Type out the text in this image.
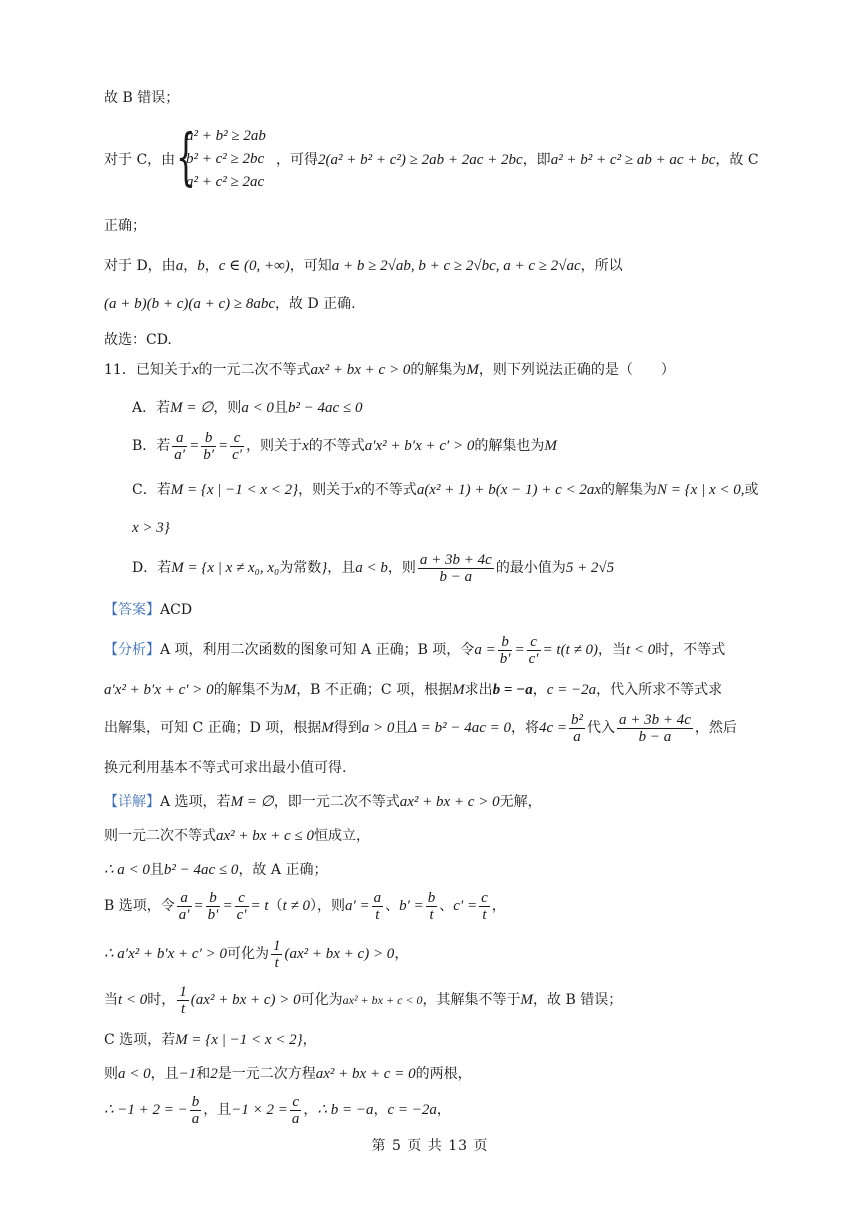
故 B 错误；
对于 C，由 {
a² + b² ≥ 2ab
b² + c² ≥ 2bc
a² + c² ≥ 2ac
，可得2(a² + b² + c²) ≥ 2ab + 2ac + 2bc，即a² + b² + c² ≥ ab + ac + bc，故 C
正确；
对于 D，由a，b，c ∈ (0, +∞)，可知a + b ≥ 2√ab, b + c ≥ 2√bc, a + c ≥ 2√ac，所以
(a + b)(b + c)(a + c) ≥ 8abc，故 D 正确.
故选：CD.
11．已知关于x的一元二次不等式ax² + bx + c > 0的解集为M，则下列说法正确的是（　　）
A．若M = ∅，则a < 0且b² − 4ac ≤ 0
B．若 $\frac{a}{a'} = \frac{b}{b'} = \frac{c}{c'}$ ，则关于x的不等式a′x² + b′x + c′ > 0的解集也为M
C．若M = {x | −1 < x < 2}，则关于x的不等式a(x² + 1) + b(x − 1) + c < 2ax的解集为N = {x | x < 0,或
x > 3}
D．若M = {x | x ≠ x₀, x₀为常数}，且a < b，则 $\frac{a + 3b + 4c}{b - a}$ 的最小值为5 + 2√5
【答案】ACD
【分析】A 项，利用二次函数的图象可知 A 正确；B 项，令$a = \frac{b}{b'} = \frac{c}{c'} = t(t \ne 0)$，当t < 0时，不等式
a′x² + b′x + c′ > 0的解集不为M，B 不正确；C 项，根据M求出b = −a，c = −2a，代入所求不等式求
出解集，可知 C 正确；D 项，根据M得到a > 0且Δ = b² − 4ac = 0，将$4c = \frac{\text{b²}}{a}$ 代入 $\frac{a + 3b + 4c}{b - a}$ ，然后
换元利用基本不等式可求出最小值可得.
【详解】A 选项，若M = ∅，即一元二次不等式ax² + bx + c > 0无解，
则一元二次不等式ax² + bx + c ≤ 0恒成立，
∴ a < 0且b² − 4ac ≤ 0，故 A 正确；
B 选项，令 $\frac{a}{a'} = \frac{b}{b'} = \frac{c}{c'} = t(t \ne 0)$，则$a' = \frac{a}{t}$ 、$b' = \frac{b}{t}$ 、$c' = \frac{c}{t}$ ，
∴ a′x² + b′x + c′ > 0可化为 $\frac{1}{t} (ax^2$ + bx + c) > 0，
当t < 0时， $\frac{1}{t} (ax^2$ + bx + c) > 0可化为ax² + bx + c < 0，其解集不等于M，故 B 错误；
C 选项，若M = {x | −1 < x < 2}，
则a < 0，且−1和2是一元二次方程ax² + bx + c = 0的两根，
∴ −1 + 2 = − $\frac{b}{a}$ ，且$-1 \times 2 = \frac{c}{a}$ ，∴ b = −a，c = −2a，
第 5 页 共 13 页
